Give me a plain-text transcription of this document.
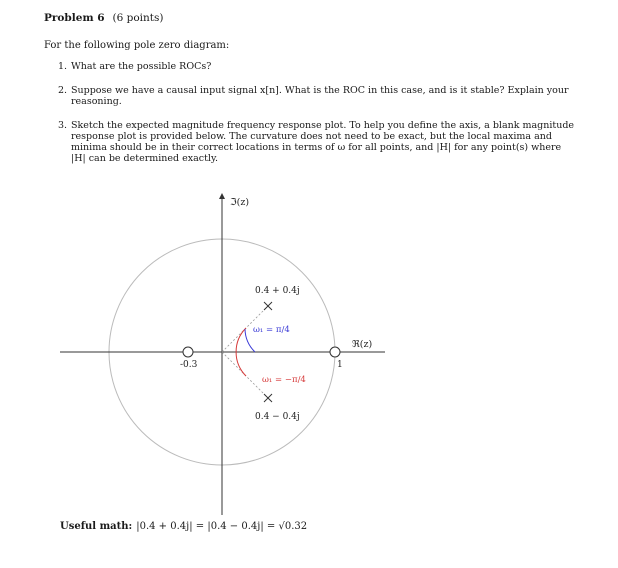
Problem 6 (6 points)
For the following pole zero diagram:
1. What are the possible ROCs?
2. Suppose we have a causal input signal x[n]. What is the ROC in this case, and is it stable? Explain your reasoning.
3. Sketch the expected magnitude frequency response plot. To help you define the axis, a blank magnitude response plot is provided below. The curvature does not need to be exact, but the local maxima and minima should be in their correct locations in terms of ω for all points, and |H| for any point(s) where |H| can be determined exactly.
ℑ(z)
ℜ(z)
-0.3	1
0.4 + 0.4j
0.4 − 0.4j
ω₁ = π/4
ω₁ = −π/4
Useful math: |0.4 + 0.4j| = |0.4 − 0.4j| = √0.32
